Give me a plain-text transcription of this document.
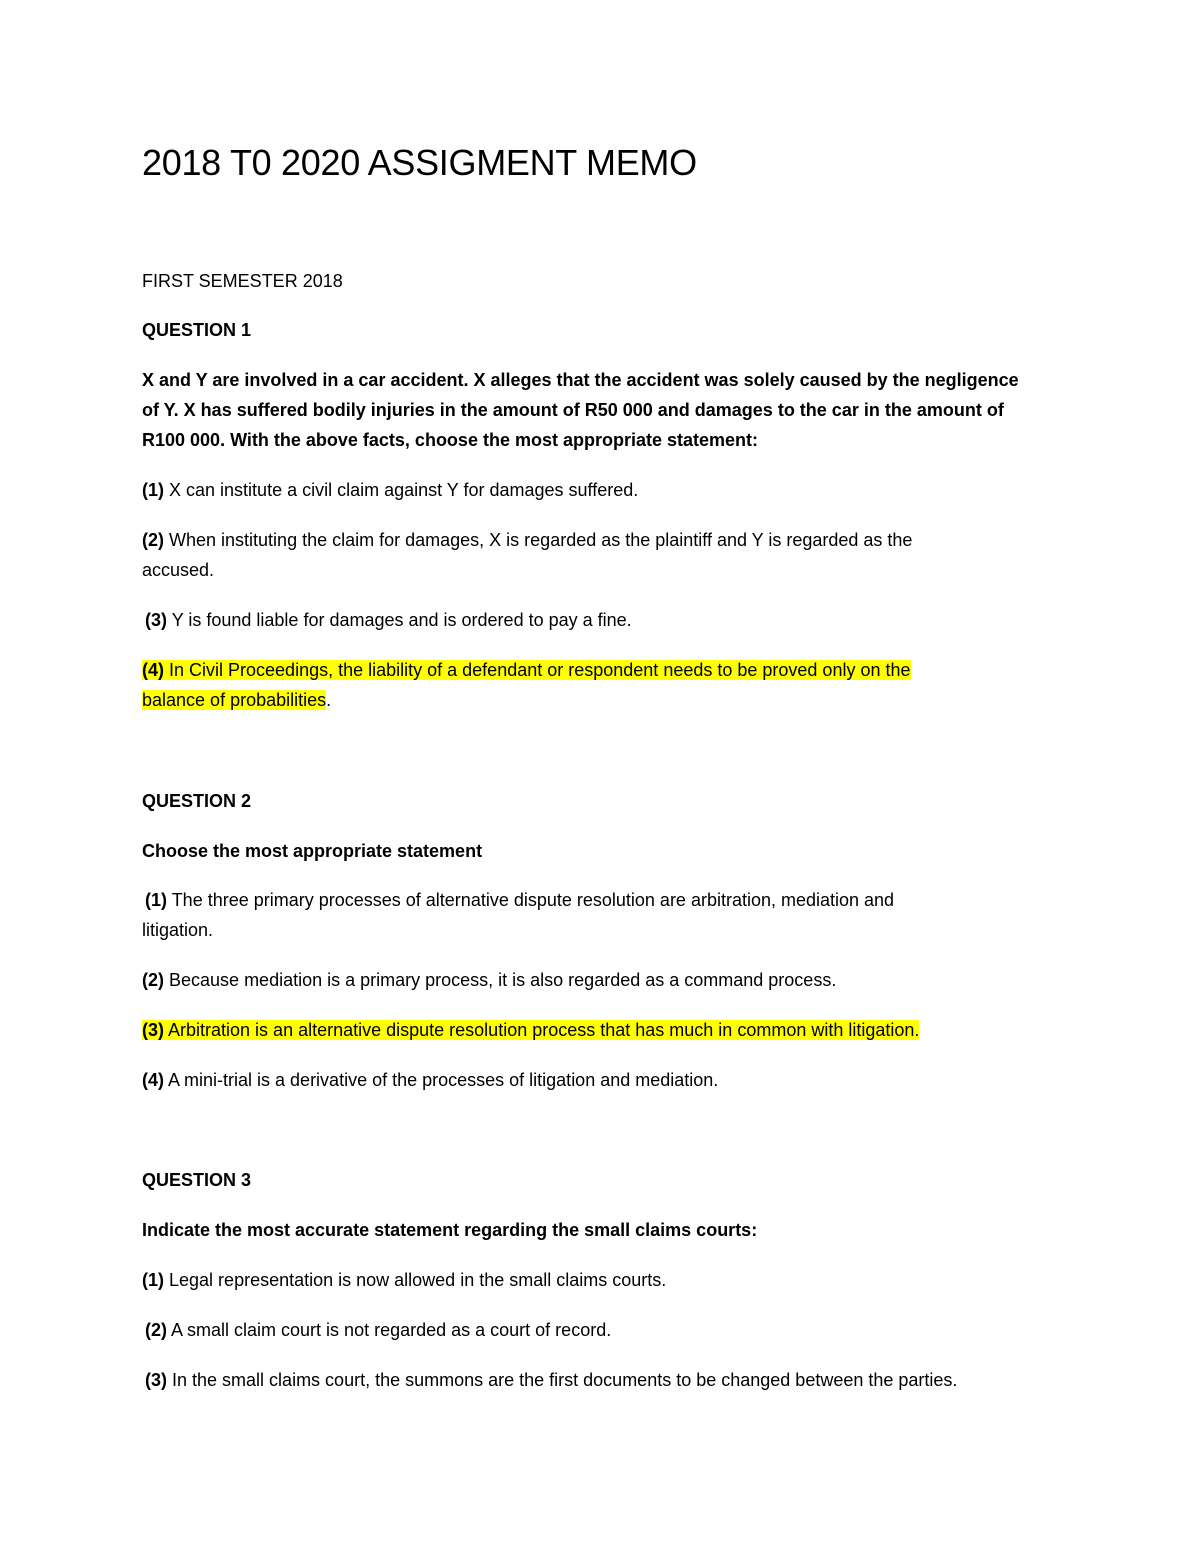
2018 T0 2020 ASSIGMENT MEMO

FIRST SEMESTER 2018

QUESTION 1

X and Y are involved in a car accident. X alleges that the accident was solely caused by the negligence
of Y. X has suffered bodily injuries in the amount of R50 000 and damages to the car in the amount of
R100 000. With the above facts, choose the most appropriate statement:

(1) X can institute a civil claim against Y for damages suffered.

(2) When instituting the claim for damages, X is regarded as the plaintiff and Y is regarded as the
accused.

(3) Y is found liable for damages and is ordered to pay a fine.

(4) In Civil Proceedings, the liability of a defendant or respondent needs to be proved only on the
balance of probabilities.

QUESTION 2

Choose the most appropriate statement

(1) The three primary processes of alternative dispute resolution are arbitration, mediation and
litigation.

(2) Because mediation is a primary process, it is also regarded as a command process.

(3) Arbitration is an alternative dispute resolution process that has much in common with litigation.

(4) A mini-trial is a derivative of the processes of litigation and mediation.

QUESTION 3

Indicate the most accurate statement regarding the small claims courts:

(1) Legal representation is now allowed in the small claims courts.

(2) A small claim court is not regarded as a court of record.

(3) In the small claims court, the summons are the first documents to be changed between the parties.
